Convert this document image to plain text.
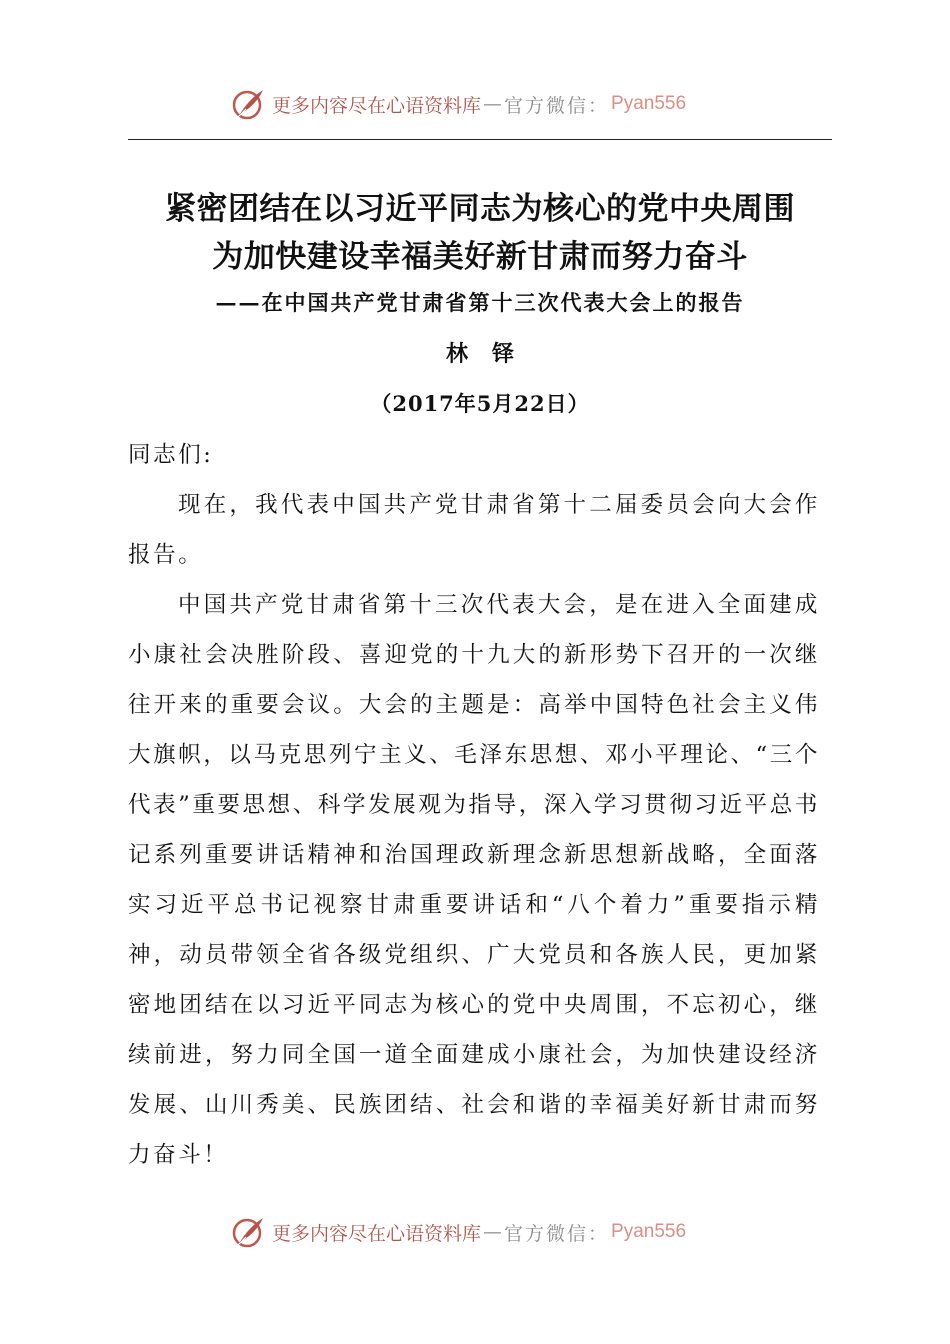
更多内容尽在心语资料库 — 官方微信： Pyan556
紧密团结在以习近平同志为核心的党中央周围
为加快建设幸福美好新甘肃而努力奋斗
——在中国共产党甘肃省第十三次代表大会上的报告
林铎
（2017年5月22日）
同志们:
现在，我代表中国共产党甘肃省第十二届委员会向大会作报告。
中国共产党甘肃省第十三次代表大会，是在进入全面建成小康社会决胜阶段、喜迎党的十九大的新形势下召开的一次继往开来的重要会议。大会的主题是：高举中国特色社会主义伟大旗帜，以马克思列宁主义、毛泽东思想、邓小平理论、“三个代表”重要思想、科学发展观为指导，深入学习贯彻习近平总书记系列重要讲话精神和治国理政新理念新思想新战略，全面落实习近平总书记视察甘肃重要讲话和“八个着力”重要指示精神，动员带领全省各级党组织、广大党员和各族人民，更加紧密地团结在以习近平同志为核心的党中央周围，不忘初心，继续前进，努力同全国一道全面建成小康社会，为加快建设经济发展、山川秀美、民族团结、社会和谐的幸福美好新甘肃而努力奋斗！
更多内容尽在心语资料库 — 官方微信： Pyan556
